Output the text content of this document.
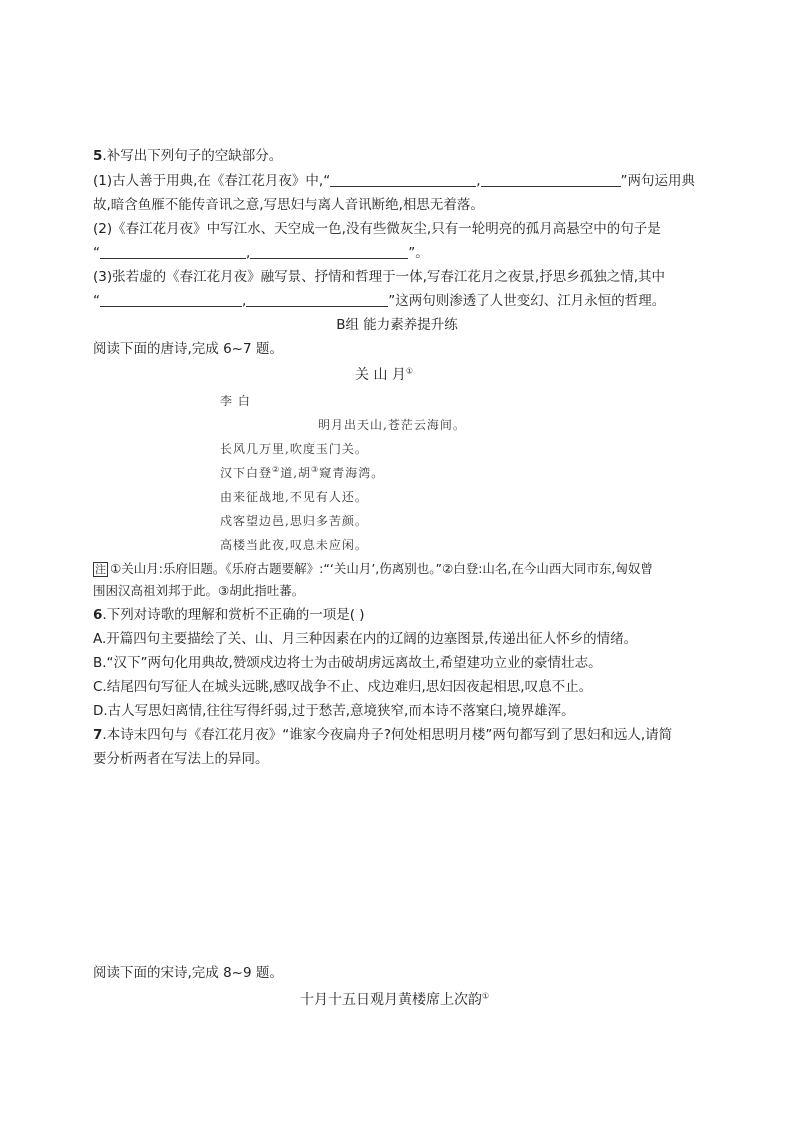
5.补写出下列句子的空缺部分。
(1)古人善于用典,在《春江花月夜》中,“	,	”两句运用典
故,暗含鱼雁不能传音讯之意,写思妇与离人音讯断绝,相思无着落。
(2)《春江花月夜》中写江水、天空成一色,没有些微灰尘,只有一轮明亮的孤月高悬空中的句子是
“	,	”。
(3)张若虚的《春江花月夜》融写景、抒情和哲理于一体,写春江花月之夜景,抒思乡孤独之情,其中
“	,	”这两句则渗透了人世变幻、江月永恒的哲理。
B组 能力素养提升练
阅读下面的唐诗,完成 6~7 题。
关 山 月①
李 白
明月出天山,苍茫云海间。
长风几万里,吹度玉门关。
汉下白登②道,胡③窥青海湾。
由来征战地,不见有人还。
戍客望边邑,思归多苦颜。
高楼当此夜,叹息未应闲。
注 ①关山月:乐府旧题。《乐府古题要解》:“‘关山月’,伤离别也。”②白登:山名,在今山西大同市东,匈奴曾
围困汉高祖刘邦于此。③胡此指吐蕃。
6.下列对诗歌的理解和赏析不正确的一项是( )
A.开篇四句主要描绘了关、山、月三种因素在内的辽阔的边塞图景,传递出征人怀乡的情绪。
B.“汉下”两句化用典故,赞颂戍边将士为击破胡虏远离故土,希望建功立业的豪情壮志。
C.结尾四句写征人在城头远眺,感叹战争不止、戍边难归,思妇因夜起相思,叹息不止。
D.古人写思妇离情,往往写得纤弱,过于愁苦,意境狭窄,而本诗不落窠臼,境界雄浑。
7.本诗末四句与《春江花月夜》“谁家今夜扁舟子?何处相思明月楼”两句都写到了思妇和远人,请简
要分析两者在写法上的异同。
阅读下面的宋诗,完成 8~9 题。
十月十五日观月黄楼席上次韵①
